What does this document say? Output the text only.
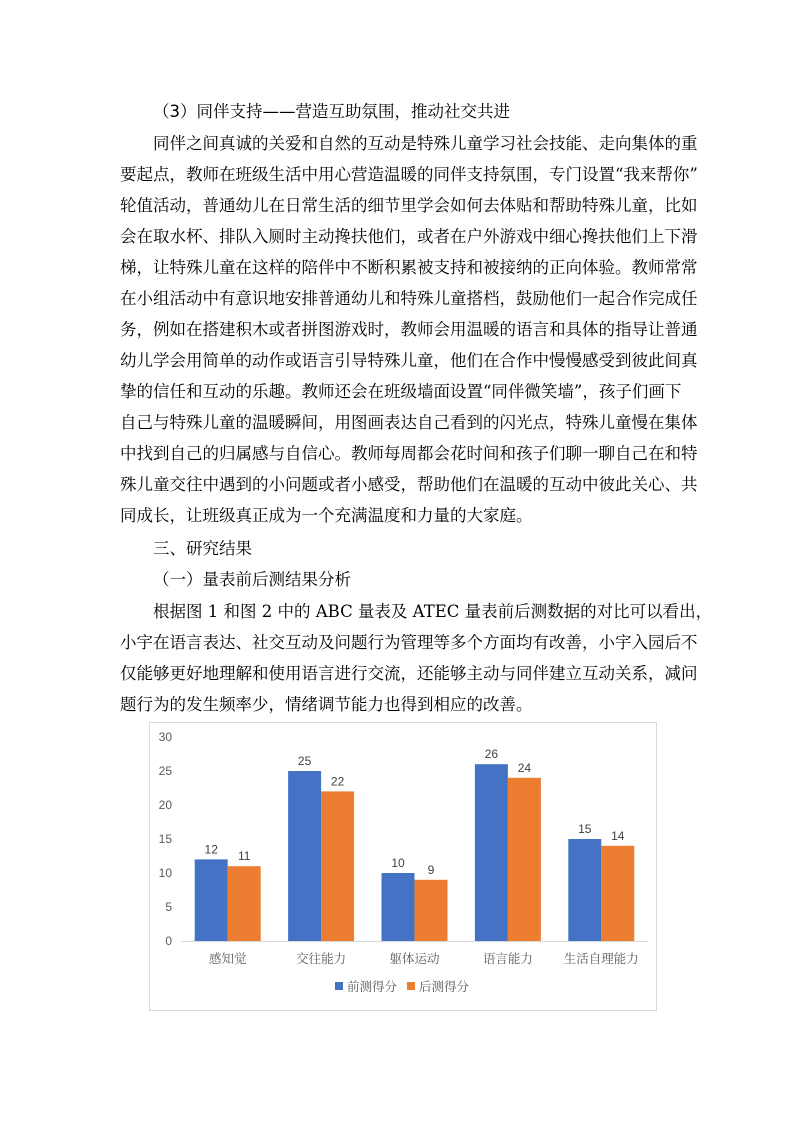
（3）同伴支持——营造互助氛围，推动社交共进
同伴之间真诚的关爱和自然的互动是特殊儿童学习社会技能、走向集体的重
要起点，教师在班级生活中用心营造温暖的同伴支持氛围，专门设置“我来帮你”
轮值活动，普通幼儿在日常生活的细节里学会如何去体贴和帮助特殊儿童，比如
会在取水杯、排队入厕时主动搀扶他们，或者在户外游戏中细心搀扶他们上下滑
梯，让特殊儿童在这样的陪伴中不断积累被支持和被接纳的正向体验。教师常常
在小组活动中有意识地安排普通幼儿和特殊儿童搭档，鼓励他们一起合作完成任
务，例如在搭建积木或者拼图游戏时，教师会用温暖的语言和具体的指导让普通
幼儿学会用简单的动作或语言引导特殊儿童，他们在合作中慢慢感受到彼此间真
挚的信任和互动的乐趣。教师还会在班级墙面设置“同伴微笑墙”，孩子们画下
自己与特殊儿童的温暖瞬间，用图画表达自己看到的闪光点，特殊儿童慢在集体
中找到自己的归属感与自信心。教师每周都会花时间和孩子们聊一聊自己在和特
殊儿童交往中遇到的小问题或者小感受，帮助他们在温暖的互动中彼此关心、共
同成长，让班级真正成为一个充满温度和力量的大家庭。
三、研究结果
（一）量表前后测结果分析
根据图 1 和图 2 中的 ABC 量表及 ATEC 量表前后测数据的对比可以看出，
小宇在语言表达、社交互动及问题行为管理等多个方面均有改善，小宇入园后不
仅能够更好地理解和使用语言进行交流，还能够主动与同伴建立互动关系，减问
题行为的发生频率少，情绪调节能力也得到相应的改善。
0
5
10
15
20
25
30
12 11
感知觉
25
22
交往能力
10 9
躯体运动
26
24
语言能力
15 14
生活自理能力
前测得分 后测得分
